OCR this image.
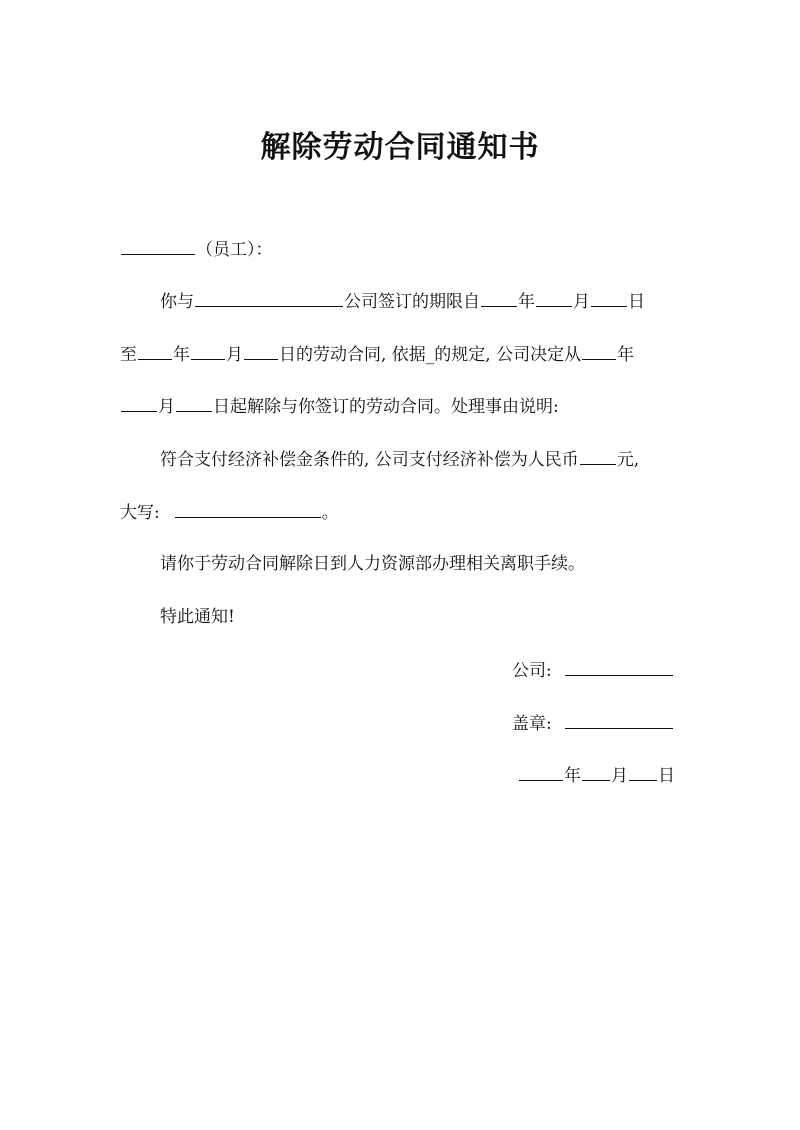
解除劳动合同通知书
（员工）：
你与	公司签订的期限自 年 月 日
至 年 月 日的劳动合同, 依据_的规定, 公司决定从 年
月 日起解除与你签订的劳动合同。处理事由说明:
符合支付经济补偿金条件的, 公司支付经济补偿为人民币 元,
大写:	。
请你于劳动合同解除日到人力资源部办理相关离职手续。
特此通知!
公司:
盖章:
年 月 日
